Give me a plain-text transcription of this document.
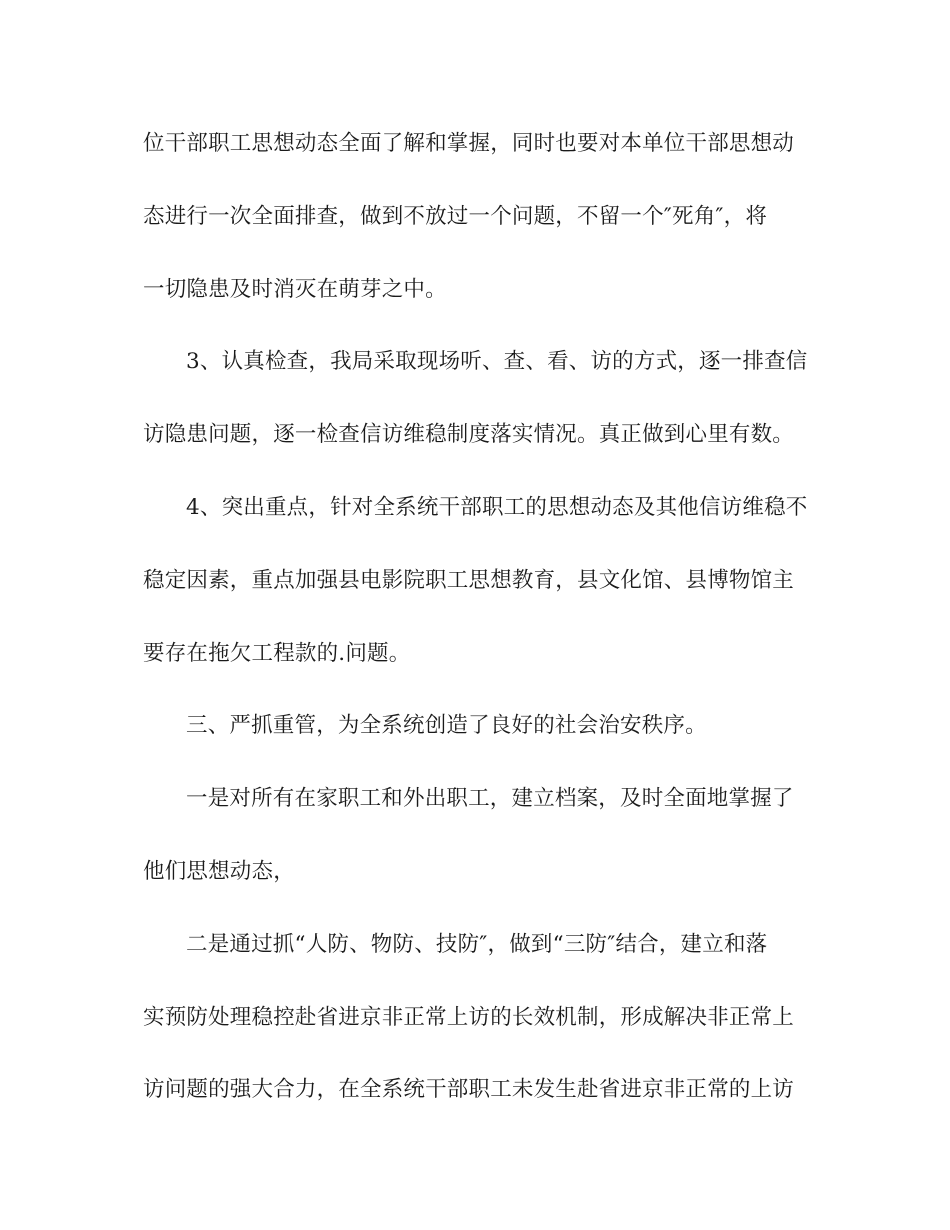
位干部职工思想动态全面了解和掌握，同时也要对本单位干部思想动
态进行一次全面排查，做到不放过一个问题，不留一个″死角″，将
一切隐患及时消灭在萌芽之中。
3、认真检查，我局采取现场听、查、看、访的方式，逐一排查信
访隐患问题，逐一检查信访维稳制度落实情况。真正做到心里有数。
4、突出重点，针对全系统干部职工的思想动态及其他信访维稳不
稳定因素，重点加强县电影院职工思想教育，县文化馆、县博物馆主
要存在拖欠工程款的.问题。
三、严抓重管，为全系统创造了良好的社会治安秩序。
一是对所有在家职工和外出职工，建立档案，及时全面地掌握了
他们思想动态，
二是通过抓“人防、物防、技防″，做到“三防″结合，建立和落
实预防处理稳控赴省进京非正常上访的长效机制，形成解决非正常上
访问题的强大合力，在全系统干部职工未发生赴省进京非正常的上访
